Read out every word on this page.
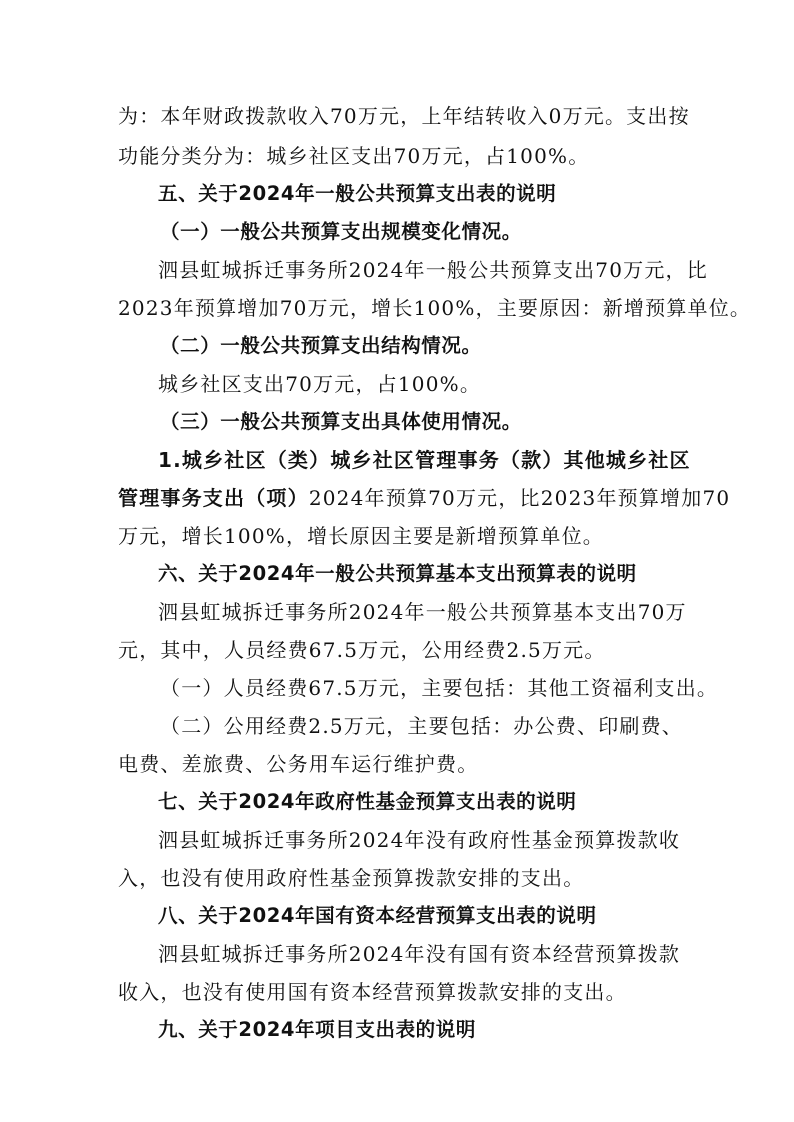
为：本年财政拨款收入70万元，上年结转收入0万元。支出按
功能分类分为：城乡社区支出70万元，占100%。
五、关于2024年一般公共预算支出表的说明
（一）一般公共预算支出规模变化情况。
泗县虹城拆迁事务所2024年一般公共预算支出70万元，比
2023年预算增加70万元，增长100%，主要原因：新增预算单位。
（二）一般公共预算支出结构情况。
城乡社区支出70万元，占100%。
（三）一般公共预算支出具体使用情况。
1.城乡社区（类）城乡社区管理事务（款）其他城乡社区
管理事务支出（项）2024年预算70万元，比2023年预算增加70
万元，增长100%，增长原因主要是新增预算单位。
六、关于2024年一般公共预算基本支出预算表的说明
泗县虹城拆迁事务所2024年一般公共预算基本支出70万
元，其中，人员经费67.5万元，公用经费2.5万元。
（一）人员经费67.5万元，主要包括：其他工资福利支出。
（二）公用经费2.5万元，主要包括：办公费、印刷费、
电费、差旅费、公务用车运行维护费。
七、关于2024年政府性基金预算支出表的说明
泗县虹城拆迁事务所2024年没有政府性基金预算拨款收
入，也没有使用政府性基金预算拨款安排的支出。
八、关于2024年国有资本经营预算支出表的说明
泗县虹城拆迁事务所2024年没有国有资本经营预算拨款
收入，也没有使用国有资本经营预算拨款安排的支出。
九、关于2024年项目支出表的说明
